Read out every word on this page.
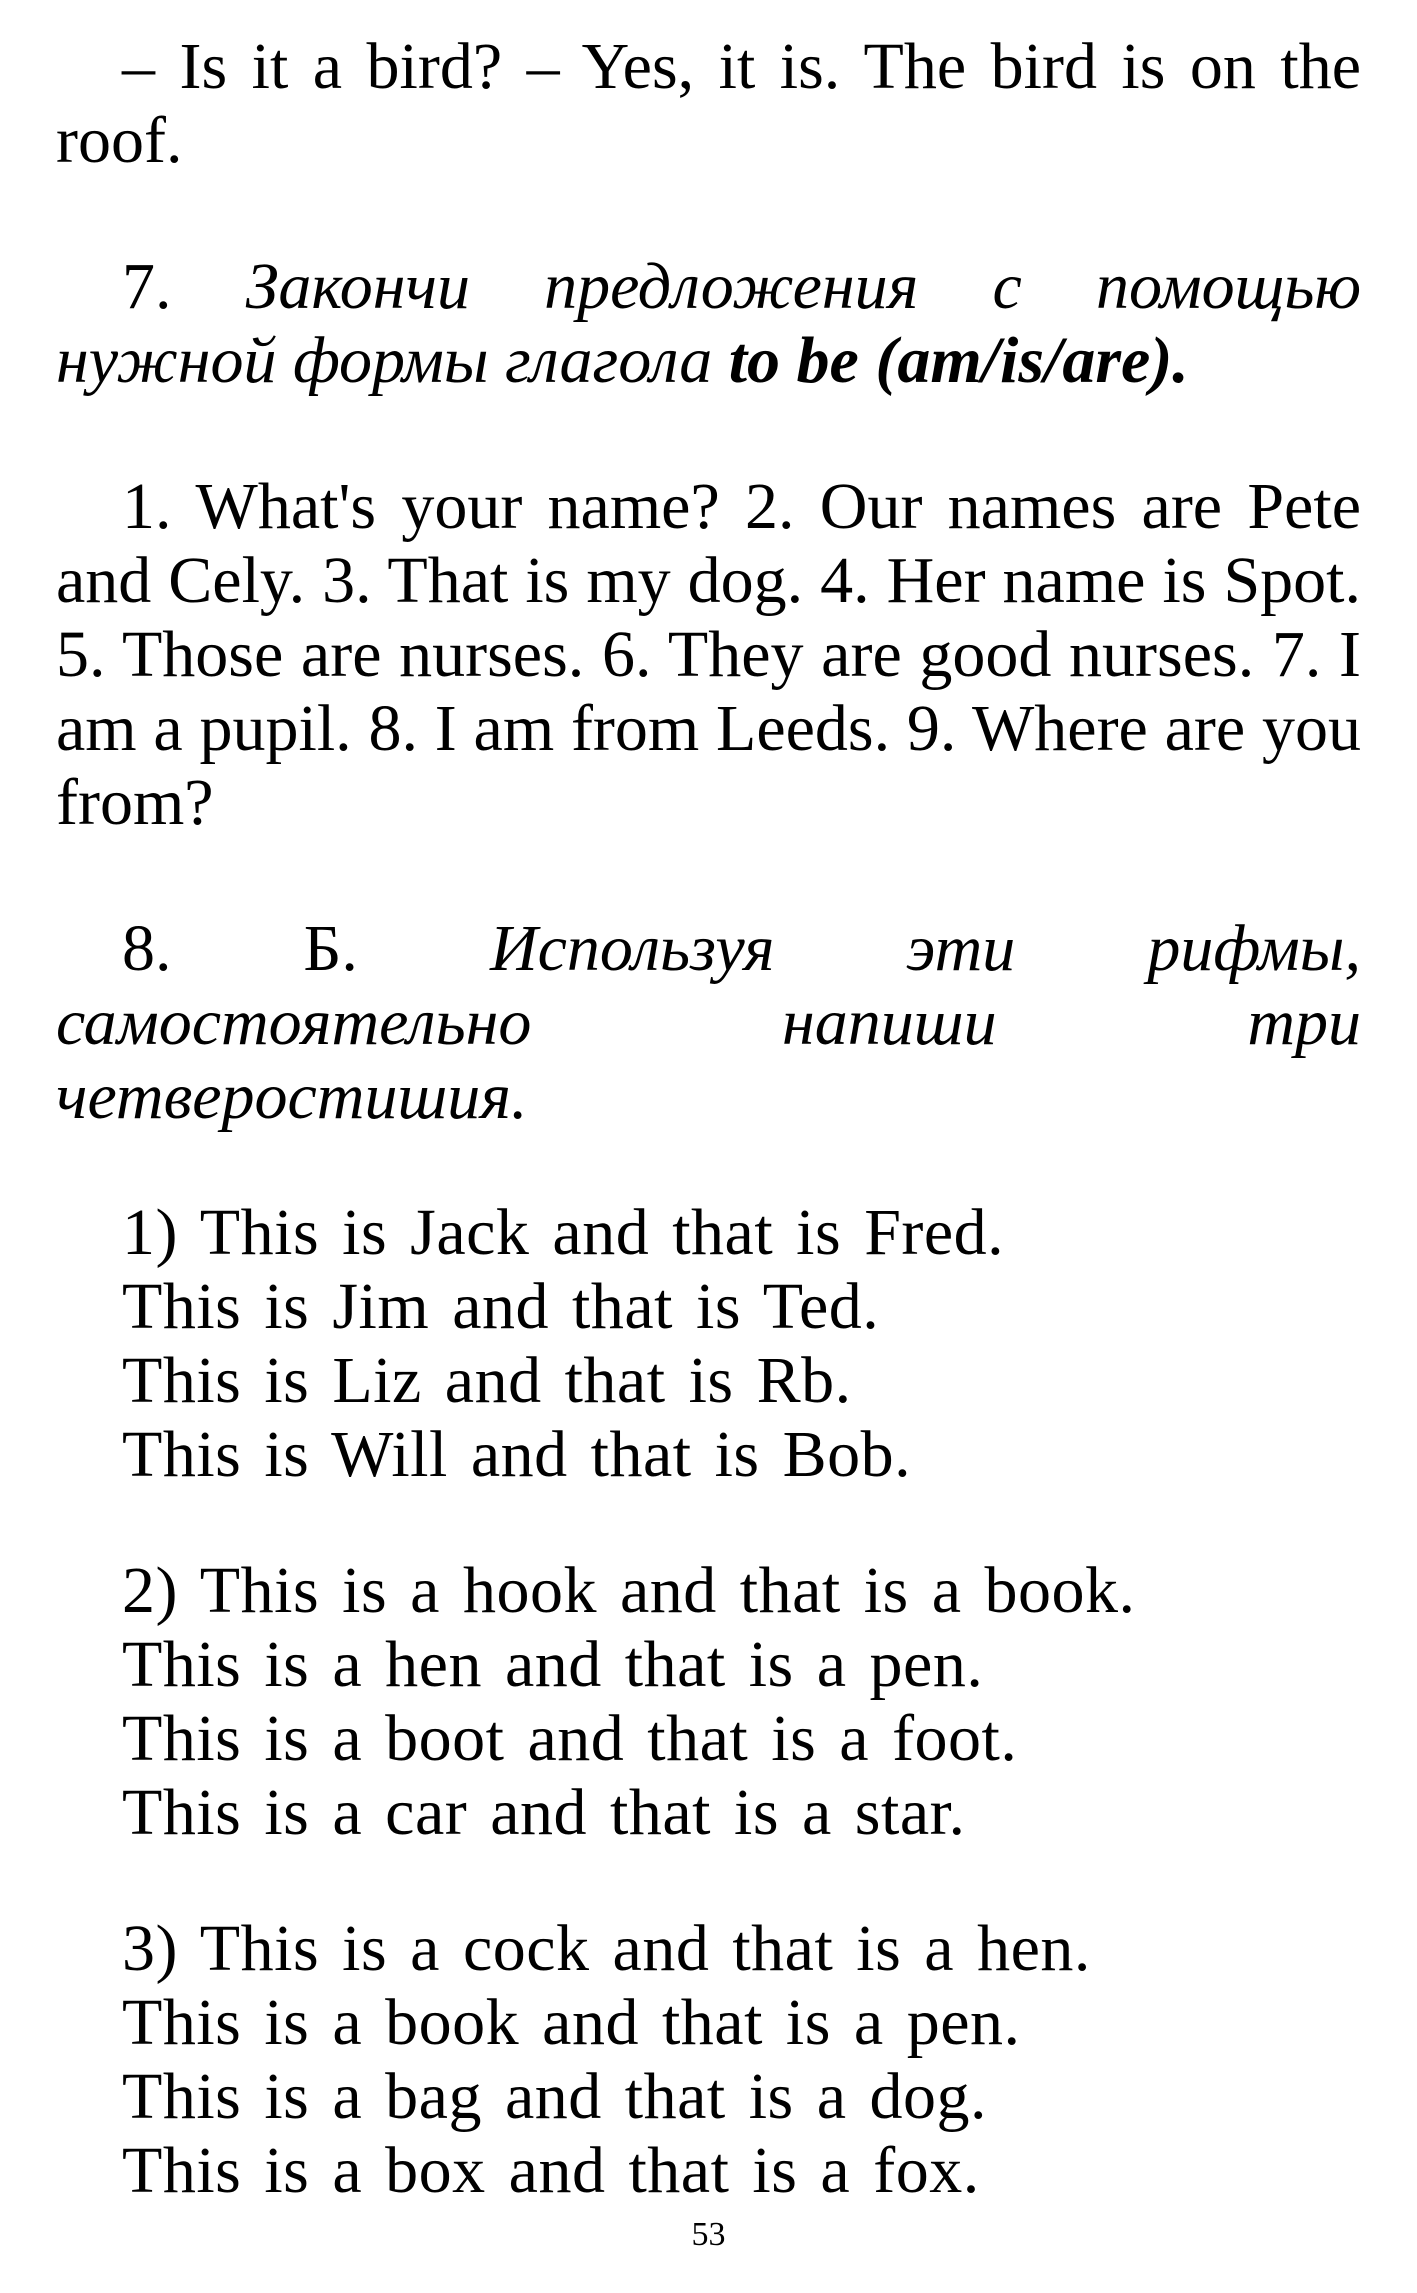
– Is it a bird? – Yes, it is. The bird is on the roof.

7. Закончи предложения с помощью нужной формы глагола to be (am/is/are).

1. What's your name? 2. Our names are Pete and Cely. 3. That is my dog. 4. Her name is Spot. 5. Those are nurses. 6. They are good nurses. 7. I am a pupil. 8. I am from Leeds. 9. Where are you from?

8. Б. Используя эти рифмы, самостоятельно напиши три четверостишия.

1) This is Jack and that is Fred.
This is Jim and that is Ted.
This is Liz and that is Rb.
This is Will and that is Bob.
2) This is a hook and that is a book.
This is a hen and that is a pen.
This is a boot and that is a foot.
This is a car and that is a star.
3) This is a cock and that is a hen.
This is a book and that is a pen.
This is a bag and that is a dog.
This is a box and that is a fox.
53
